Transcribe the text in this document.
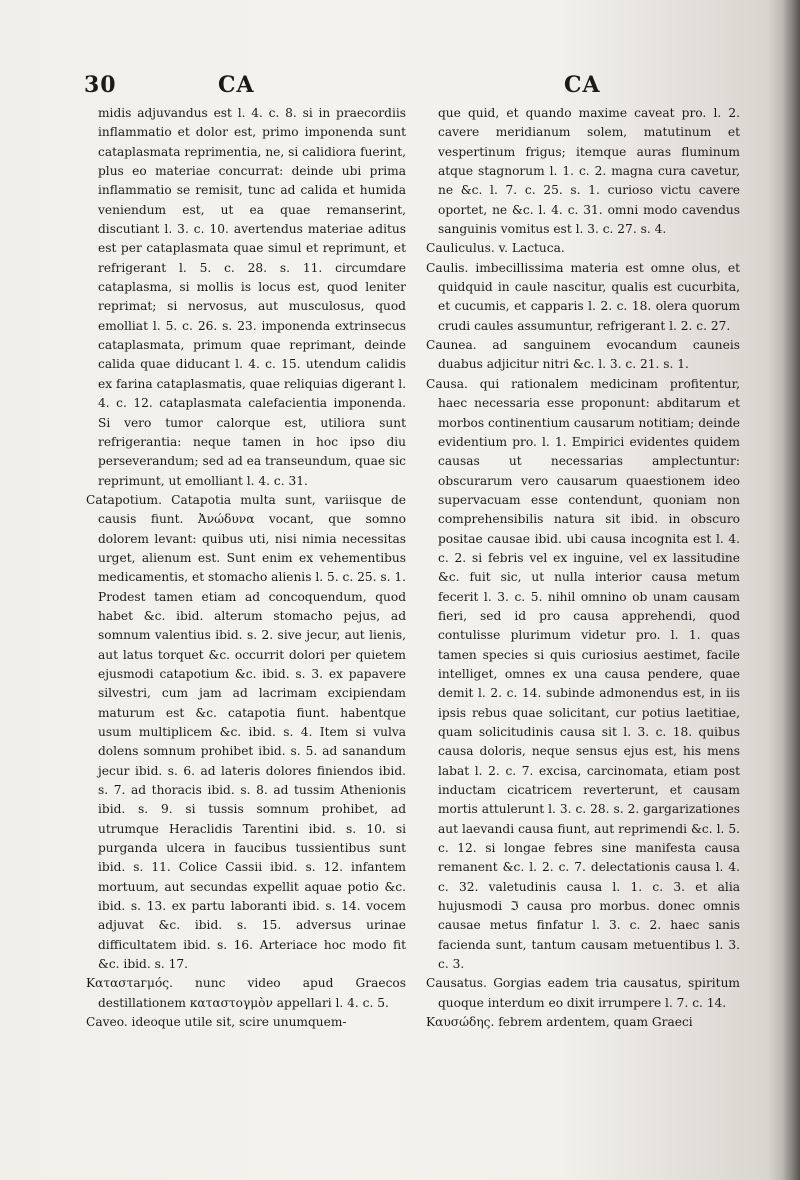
30	CA	CA

midis adjuvandus est l. 4. c. 8. si in praecordiis inflammatio et dolor est, primo imponenda sunt cataplasmata reprimentia, ne, si calidiora fuerint, plus eo materiae concurrat: deinde ubi prima inflammatio se remisit, tunc ad calida et humida veniendum est, ut ea quae remanserint, discutiant l. 3. c. 10. avertendus materiae aditus est per cataplasmata quae simul et reprimunt, et refrigerant l. 5. c. 28. s. 11. circumdare cataplasma, si mollis is locus est, quod leniter reprimat; si nervosus, aut musculosus, quod emolliat l. 5. c. 26. s. 23. imponenda extrinsecus cataplasmata, primum quae reprimant, deinde calida quae diducant l. 4. c. 15. utendum calidis ex farina cataplasmatis, quae reliquias digerant l. 4. c. 12. cataplasmata calefacientia imponenda. Si vero tumor calorque est, utiliora sunt refrigerantia: neque tamen in hoc ipso diu perseverandum; sed ad ea transeundum, quae sic reprimunt, ut emolliant l. 4. c. 31.

Catapotium. Catapotia multa sunt, variisque de causis fiunt. Ἀνώδυνα vocant, que somno dolorem levant: quibus uti, nisi nimia necessitas urget, alienum est. Sunt enim ex vehementibus medicamentis, et stomacho alienis l. 5. c. 25. s. 1. Prodest tamen etiam ad concoquendum, quod habet &c. ibid. alterum stomacho pejus, ad somnum valentius ibid. s. 2. sive jecur, aut lienis, aut latus torquet &c. occurrit dolori per quietem ejusmodi catapotium &c. ibid. s. 3. ex papavere silvestri, cum jam ad lacrimam excipiendam maturum est &c. catapotia fiunt. habentque usum multiplicem &c. ibid. s. 4. Item si vulva dolens somnum prohibet ibid. s. 5. ad sanandum jecur ibid. s. 6. ad lateris dolores finiendos ibid. s. 7. ad thoracis ibid. s. 8. ad tussim Athenionis ibid. s. 9. si tussis somnum prohibet, ad utrumque Heraclidis Tarentini ibid. s. 10. si purganda ulcera in faucibus tussientibus sunt ibid. s. 11. Colice Cassii ibid. s. 12. infantem mortuum, aut secundas expellit aquae potio &c. ibid. s. 13. ex partu laboranti ibid. s. 14. vocem adjuvat &c. ibid. s. 15. adversus urinae difficultatem ibid. s. 16. Arteriace hoc modo fit &c. ibid. s. 17.

Καταστагμός. nunc video apud Graecos destillationem καταστογμὸν appellari l. 4. c. 5.

Caveo. ideoque utile sit, scire unumquem-

que quid, et quando maxime caveat pro. l. 2. cavere meridianum solem, matutinum et vespertinum frigus; itemque auras fluminum atque stagnorum l. 1. c. 2. magna cura cavetur, ne &c. l. 7. c. 25. s. 1. curioso victu cavere oportet, ne &c. l. 4. c. 31. omni modo cavendus sanguinis vomitus est l. 3. c. 27. s. 4.

Cauliculus. v. Lactuca.

Caulis. imbecillissima materia est omne olus, et quidquid in caule nascitur, qualis est cucurbita, et cucumis, et capparis l. 2. c. 18. olera quorum crudi caules assumuntur, refrigerant l. 2. c. 27.

Caunea. ad sanguinem evocandum cauneis duabus adjicitur nitri &c. l. 3. c. 21. s. 1.

Causa. qui rationalem medicinam profitentur, haec necessaria esse proponunt: abditarum et morbos continentium causarum notitiam; deinde evidentium pro. l. 1. Empirici evidentes quidem causas ut necessarias amplectuntur: obscurarum vero causarum quaestionem ideo supervacuam esse contendunt, quoniam non comprehensibilis natura sit ibid. in obscuro positae causae ibid. ubi causa incognita est l. 4. c. 2. si febris vel ex inguine, vel ex lassitudine &c. fuit sic, ut nulla interior causa metum fecerit l. 3. c. 5. nihil omnino ob unam causam fieri, sed id pro causa apprehendi, quod contulisse plurimum videtur pro. l. 1. quas tamen species si quis curiosius aestimet, facile intelliget, omnes ex una causa pendere, quae demit l. 2. c. 14. subinde admonendus est, in iis ipsis rebus quae solicitant, cur potius laetitiae, quam solicitudinis causa sit l. 3. c. 18. quibus causa doloris, neque sensus ejus est, his mens labat l. 2. c. 7. excisa, carcinomata, etiam post inductam cicatricem reverterunt, et causam mortis attulerunt l. 3. c. 28. s. 2. gargarizationes aut laevandi causa fiunt, aut reprimendi &c. l. 5. c. 12. si longae febres sine manifesta causa remanent &c. l. 2. c. 7. delectationis causa l. 4. c. 32. valetudinis causa l. 1. c. 3. et alia hujusmodi ℑ causa pro morbus. donec omnis causae metus finfatur l. 3. c. 2. haec sanis facienda sunt, tantum causam metuentibus l. 3. c. 3.

Causatus. Gorgias eadem tria causatus, spiritum quoque interdum eo dixit irrumpere l. 7. c. 14.

Καυσώδης. febrem ardentem, quam Graeci
